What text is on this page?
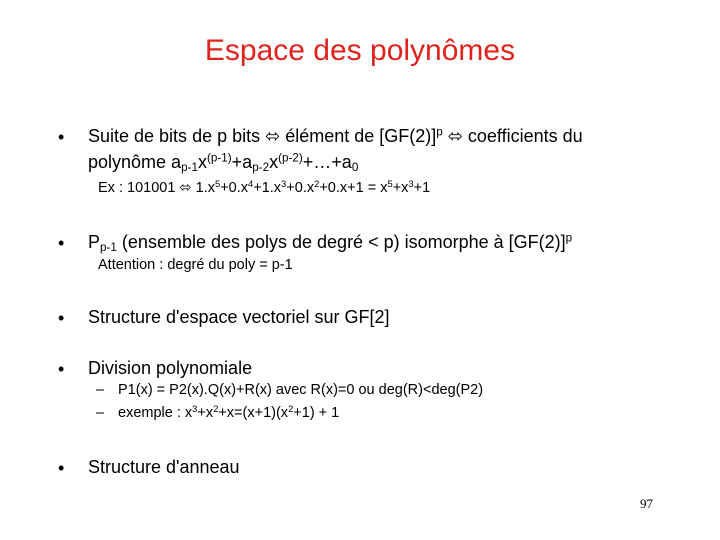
Espace des polynômes
• Suite de bits de p bits ⬄ élément de $[GF(2)]^p$ ⬄ coefficients du
polynôme $a_{p-1}x^{(p-1)}+a_{p-2}x^{(p-2)}+\dots+a_0$
Ex : 101001 ⬄ $1.x^5+0.x^4+1.x^3+0.x^2+0.x+1 = x^5+x^3+1$
• $P_{p-1}$ (ensemble des polys de degré < p) isomorphe à $[GF(2)]^p$
Attention : degré du poly = p-1
• Structure d'espace vectoriel sur GF[2]
• Division polynomiale
– P1(x) = P2(x).Q(x)+R(x) avec R(x)=0 ou deg(R)<deg(P2)
– exemple : $x^3+x^2+x=(x+1)(x^2+1) + 1$
• Structure d'anneau
97
